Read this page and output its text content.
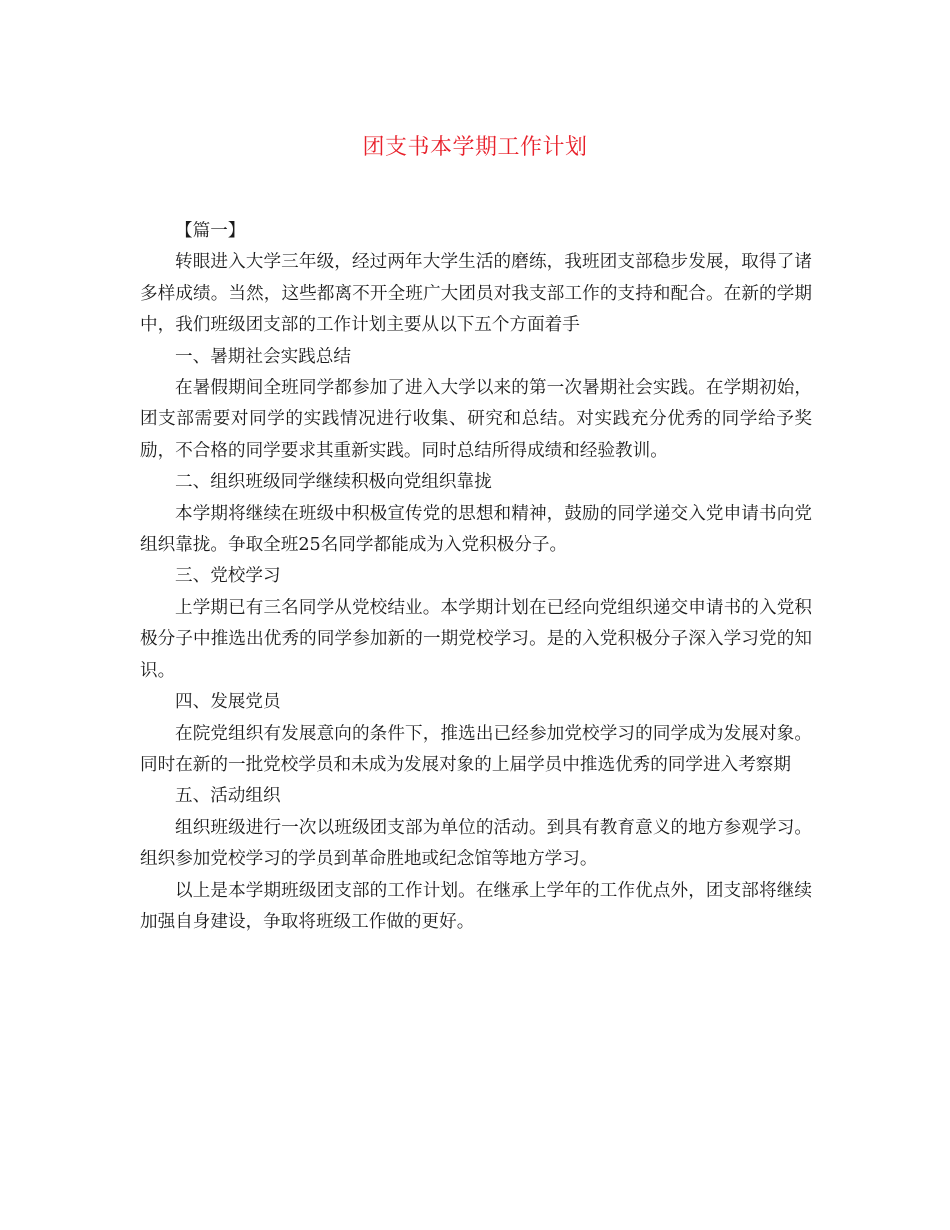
团支书本学期工作计划

【篇一】

转眼进入大学三年级，经过两年大学生活的磨练，我班团支部稳步发展，取得了诸多样成绩。当然，这些都离不开全班广大团员对我支部工作的支持和配合。在新的学期中，我们班级团支部的工作计划主要从以下五个方面着手

一、暑期社会实践总结

在暑假期间全班同学都参加了进入大学以来的第一次暑期社会实践。在学期初始，团支部需要对同学的实践情况进行收集、研究和总结。对实践充分优秀的同学给予奖励，不合格的同学要求其重新实践。同时总结所得成绩和经验教训。

二、组织班级同学继续积极向党组织靠拢

本学期将继续在班级中积极宣传党的思想和精神，鼓励的同学递交入党申请书向党组织靠拢。争取全班25名同学都能成为入党积极分子。

三、党校学习

上学期已有三名同学从党校结业。本学期计划在已经向党组织递交申请书的入党积极分子中推选出优秀的同学参加新的一期党校学习。是的入党积极分子深入学习党的知识。

四、发展党员

在院党组织有发展意向的条件下，推选出已经参加党校学习的同学成为发展对象。同时在新的一批党校学员和未成为发展对象的上届学员中推选优秀的同学进入考察期

五、活动组织

组织班级进行一次以班级团支部为单位的活动。到具有教育意义的地方参观学习。组织参加党校学习的学员到革命胜地或纪念馆等地方学习。

以上是本学期班级团支部的工作计划。在继承上学年的工作优点外，团支部将继续加强自身建设，争取将班级工作做的更好。
